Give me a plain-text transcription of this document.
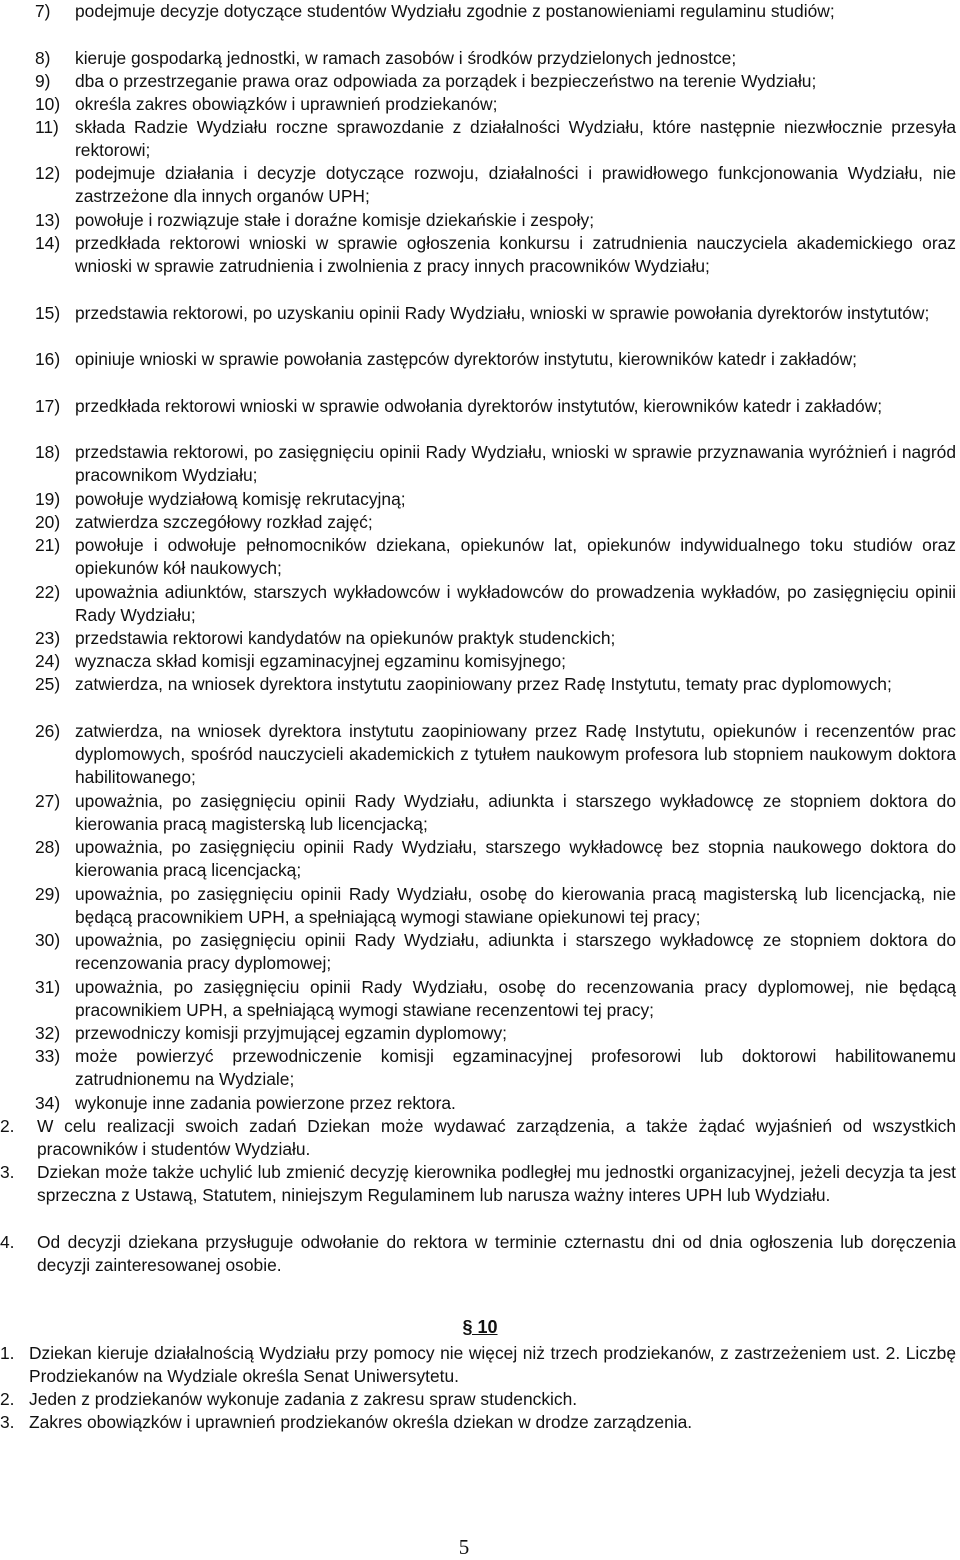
7) podejmuje decyzje dotyczące studentów Wydziału zgodnie z postanowieniami regulaminu studiów;
8) kieruje gospodarką jednostki, w ramach zasobów i środków przydzielonych jednostce;
9) dba o przestrzeganie prawa oraz odpowiada za porządek i bezpieczeństwo na terenie Wydziału;
10) określa zakres obowiązków i uprawnień prodziekanów;
11) składa Radzie Wydziału roczne sprawozdanie z działalności Wydziału, które następnie niezwłocznie przesyła rektorowi;
12) podejmuje działania i decyzje dotyczące rozwoju, działalności i prawidłowego funkcjonowania Wydziału, nie zastrzeżone dla innych organów UPH;
13) powołuje i rozwiązuje stałe i doraźne komisje dziekańskie i zespoły;
14) przedkłada rektorowi wnioski w sprawie ogłoszenia konkursu i zatrudnienia nauczyciela akademickiego oraz wnioski w sprawie zatrudnienia i zwolnienia z pracy innych pracowników Wydziału;
15) przedstawia rektorowi, po uzyskaniu opinii Rady Wydziału, wnioski w sprawie powołania dyrektorów instytutów;
16) opiniuje wnioski w sprawie powołania zastępców dyrektorów instytutu, kierowników katedr i zakładów;
17) przedkłada rektorowi wnioski w sprawie odwołania dyrektorów instytutów, kierowników katedr i zakładów;
18) przedstawia rektorowi, po zasięgnięciu opinii Rady Wydziału, wnioski w sprawie przyznawania wyróżnień i nagród pracownikom Wydziału;
19) powołuje wydziałową komisję rekrutacyjną;
20) zatwierdza szczegółowy rozkład zajęć;
21) powołuje i odwołuje pełnomocników dziekana, opiekunów lat, opiekunów indywidualnego toku studiów oraz opiekunów kół naukowych;
22) upoważnia adiunktów, starszych wykładowców i wykładowców do prowadzenia wykładów, po zasięgnięciu opinii Rady Wydziału;
23) przedstawia rektorowi kandydatów na opiekunów praktyk studenckich;
24) wyznacza skład komisji egzaminacyjnej egzaminu komisyjnego;
25) zatwierdza, na wniosek dyrektora instytutu zaopiniowany przez Radę Instytutu, tematy prac dyplomowych;
26) zatwierdza, na wniosek dyrektora instytutu zaopiniowany przez Radę Instytutu, opiekunów i recenzentów prac dyplomowych, spośród nauczycieli akademickich z tytułem naukowym profesora lub stopniem naukowym doktora habilitowanego;
27) upoważnia, po zasięgnięciu opinii Rady Wydziału, adiunkta i starszego wykładowcę ze stopniem doktora do kierowania pracą magisterską lub licencjacką;
28) upoważnia, po zasięgnięciu opinii Rady Wydziału, starszego wykładowcę bez stopnia naukowego doktora do kierowania pracą licencjacką;
29) upoważnia, po zasięgnięciu opinii Rady Wydziału, osobę do kierowania pracą magisterską lub licencjacką, nie będącą pracownikiem UPH, a spełniającą wymogi stawiane opiekunowi tej pracy;
30) upoważnia, po zasięgnięciu opinii Rady Wydziału, adiunkta i starszego wykładowcę ze stopniem doktora do recenzowania pracy dyplomowej;
31) upoważnia, po zasięgnięciu opinii Rady Wydziału, osobę do recenzowania pracy dyplomowej, nie będącą pracownikiem UPH, a spełniającą wymogi stawiane recenzentowi tej pracy;
32) przewodniczy komisji przyjmującej egzamin dyplomowy;
33) może powierzyć przewodniczenie komisji egzaminacyjnej profesorowi lub doktorowi habilitowanemu zatrudnionemu na Wydziale;
34) wykonuje inne zadania powierzone przez rektora.
2. W celu realizacji swoich zadań Dziekan może wydawać zarządzenia, a także żądać wyjaśnień od wszystkich pracowników i studentów Wydziału.
3. Dziekan może także uchylić lub zmienić decyzję kierownika podległej mu jednostki organizacyjnej, jeżeli decyzja ta jest sprzeczna z Ustawą, Statutem, niniejszym Regulaminem lub narusza ważny interes UPH lub Wydziału.
4. Od decyzji dziekana przysługuje odwołanie do rektora w terminie czternastu dni od dnia ogłoszenia lub doręczenia decyzji zainteresowanej osobie.
§ 10
1. Dziekan kieruje działalnością Wydziału przy pomocy nie więcej niż trzech prodziekanów, z zastrzeżeniem ust. 2. Liczbę Prodziekanów na Wydziale określa Senat Uniwersytetu.
2. Jeden z prodziekanów wykonuje zadania z zakresu spraw studenckich.
3. Zakres obowiązków i uprawnień prodziekanów określa dziekan w drodze zarządzenia.
5
